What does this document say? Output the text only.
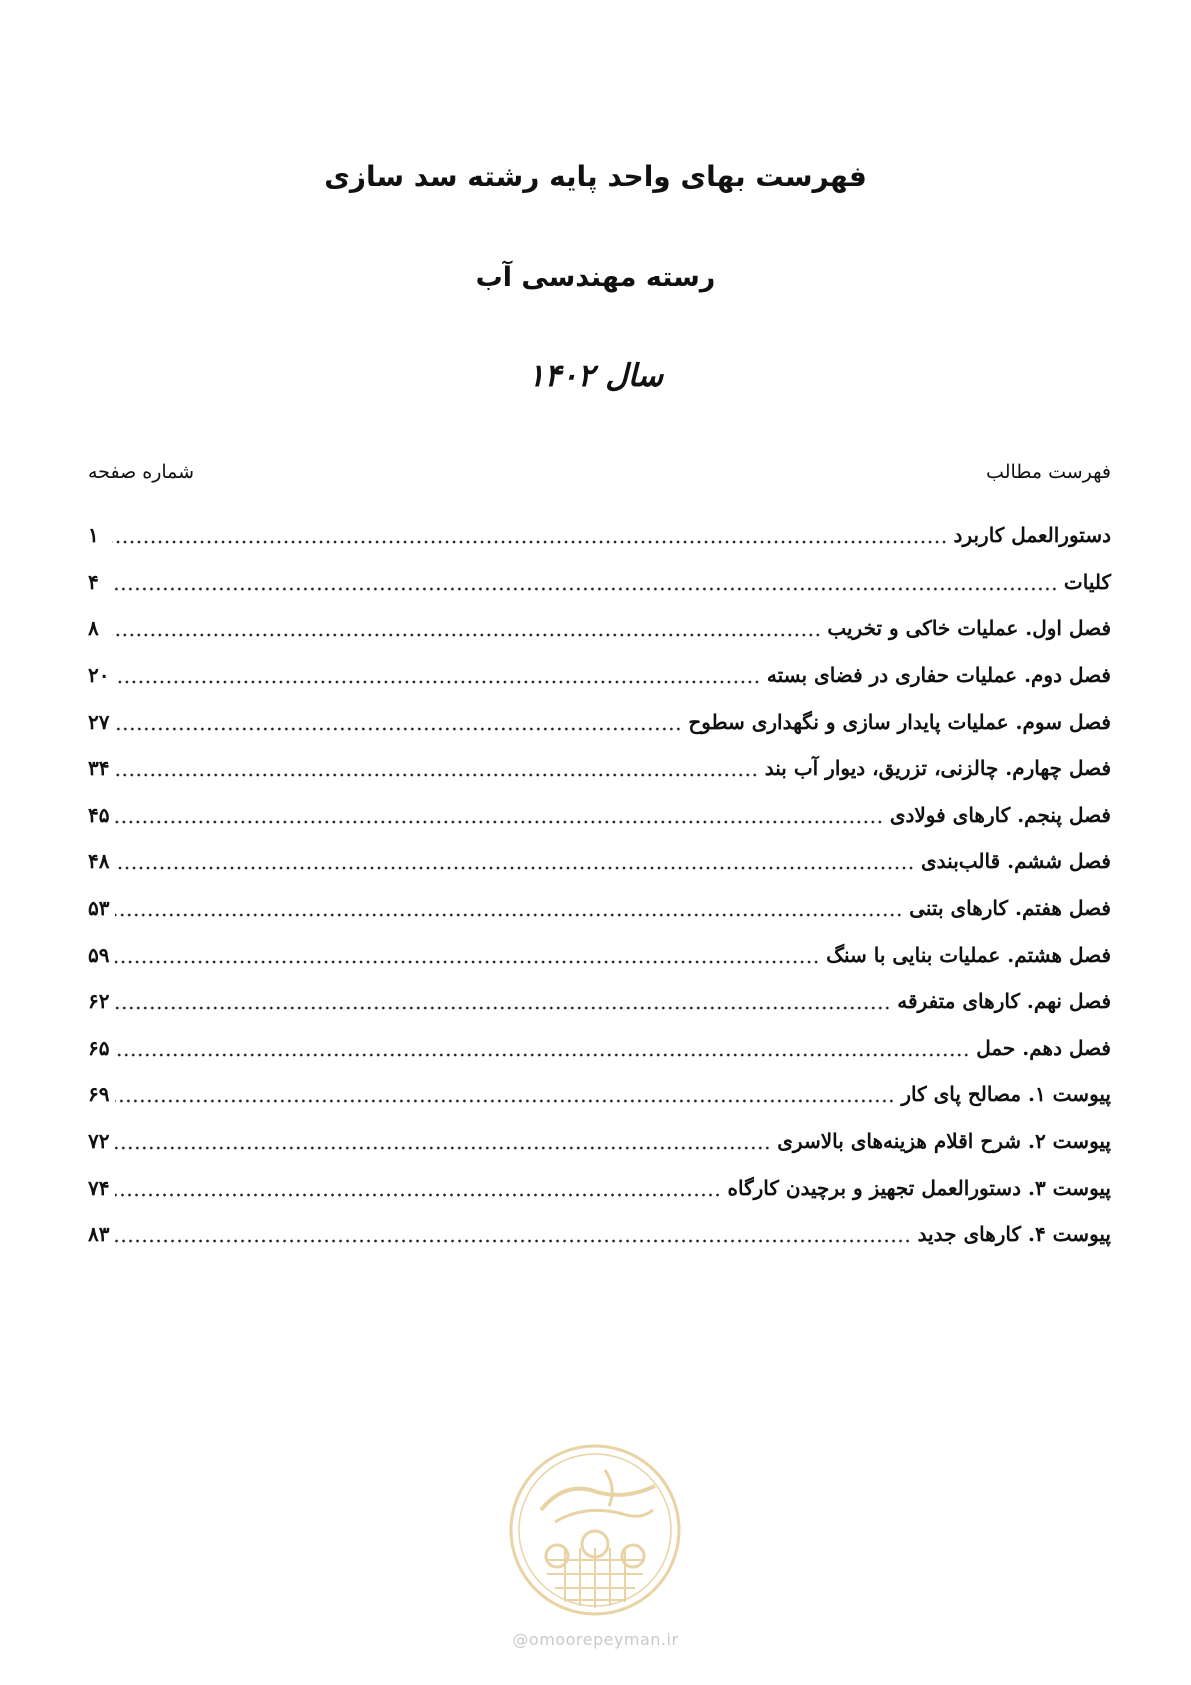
فهرست بهای واحد پایه رشته سد سازی
رسته مهندسی آب
سال ۱۴۰۲
فهرست مطالب
شماره صفحه
دستورالعمل کاربرد
۱
کلیات
۴
فصل اول. عملیات خاکی و تخریب
۸
فصل دوم. عملیات حفاری در فضای بسته
۲۰
فصل سوم. عملیات پایدار سازی و نگهداری سطوح
۲۷
فصل چهارم. چالزنی، تزریق، دیوار آب بند
۳۴
فصل پنجم. کارهای فولادی
۴۵
فصل ششم. قالب‌بندی
۴۸
فصل هفتم. کارهای بتنی
۵۳
فصل هشتم. عملیات بنایی با سنگ
۵۹
فصل نهم. کارهای متفرقه
۶۲
فصل دهم. حمل
۶۵
پیوست ۱. مصالح پای کار
۶۹
پیوست ۲. شرح اقلام هزینه‌های بالاسری
۷۲
پیوست ۳. دستورالعمل تجهیز و برچیدن کارگاه
۷۴
پیوست ۴. کارهای جدید
۸۳
@omoorepeyman.ir
